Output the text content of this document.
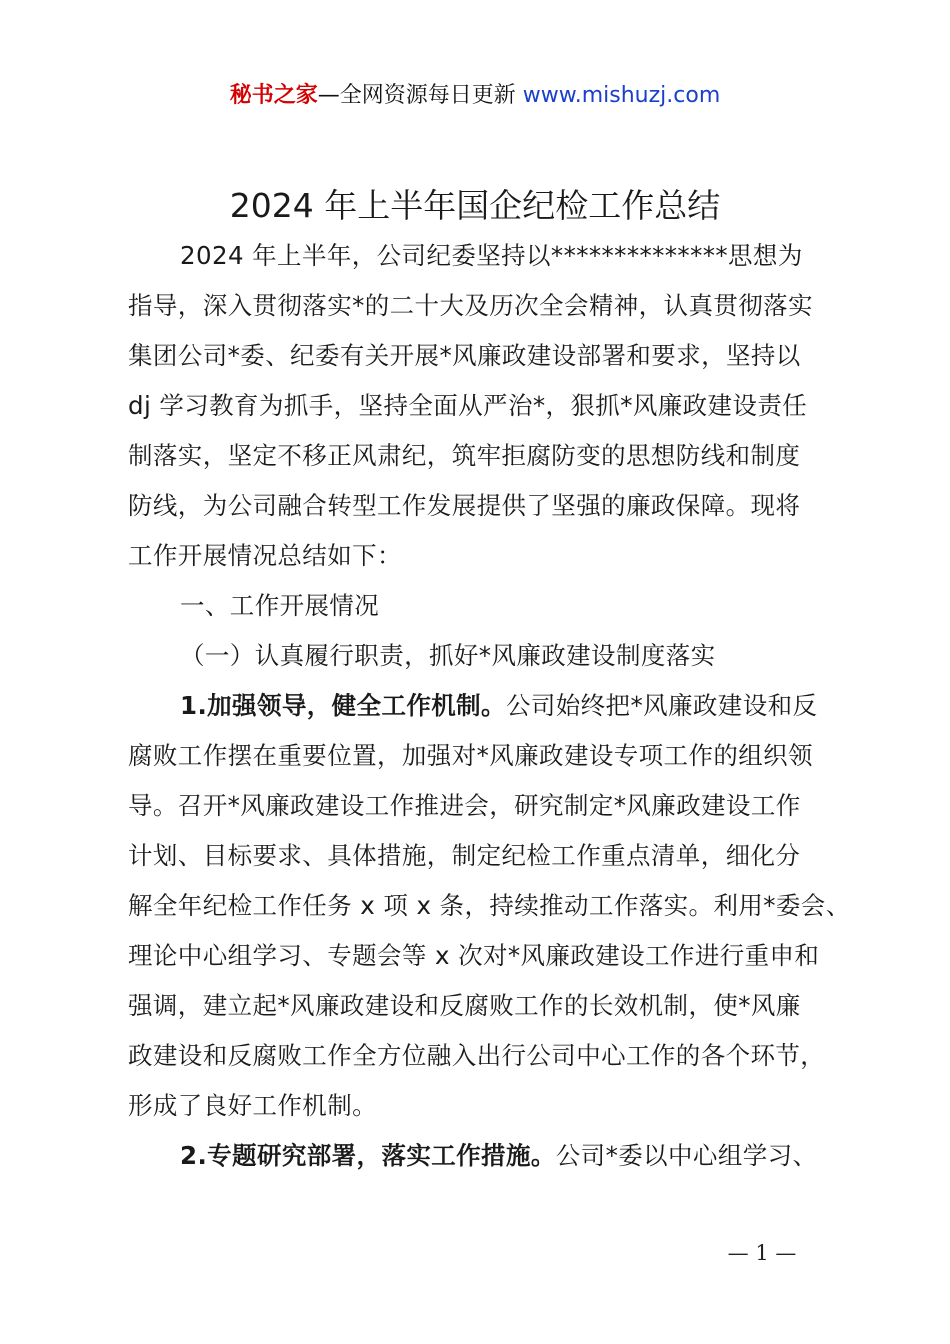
秘书之家—全网资源每日更新 www.mishuzj.com
2024 年上半年国企纪检工作总结
2024 年上半年，公司纪委坚持以**************思想为
指导，深入贯彻落实*的二十大及历次全会精神，认真贯彻落实
集团公司*委、纪委有关开展*风廉政建设部署和要求，坚持以
dj 学习教育为抓手，坚持全面从严治*，狠抓*风廉政建设责任
制落实，坚定不移正风肃纪，筑牢拒腐防变的思想防线和制度
防线，为公司融合转型工作发展提供了坚强的廉政保障。现将
工作开展情况总结如下：
一、工作开展情况
（一）认真履行职责，抓好*风廉政建设制度落实
1.加强领导，健全工作机制。公司始终把*风廉政建设和反
腐败工作摆在重要位置，加强对*风廉政建设专项工作的组织领
导。召开*风廉政建设工作推进会，研究制定*风廉政建设工作
计划、目标要求、具体措施，制定纪检工作重点清单，细化分
解全年纪检工作任务 x 项 x 条，持续推动工作落实。利用*委会、
理论中心组学习、专题会等 x 次对*风廉政建设工作进行重申和
强调，建立起*风廉政建设和反腐败工作的长效机制，使*风廉
政建设和反腐败工作全方位融入出行公司中心工作的各个环节，
形成了良好工作机制。
2.专题研究部署，落实工作措施。公司*委以中心组学习、
— 1 —
